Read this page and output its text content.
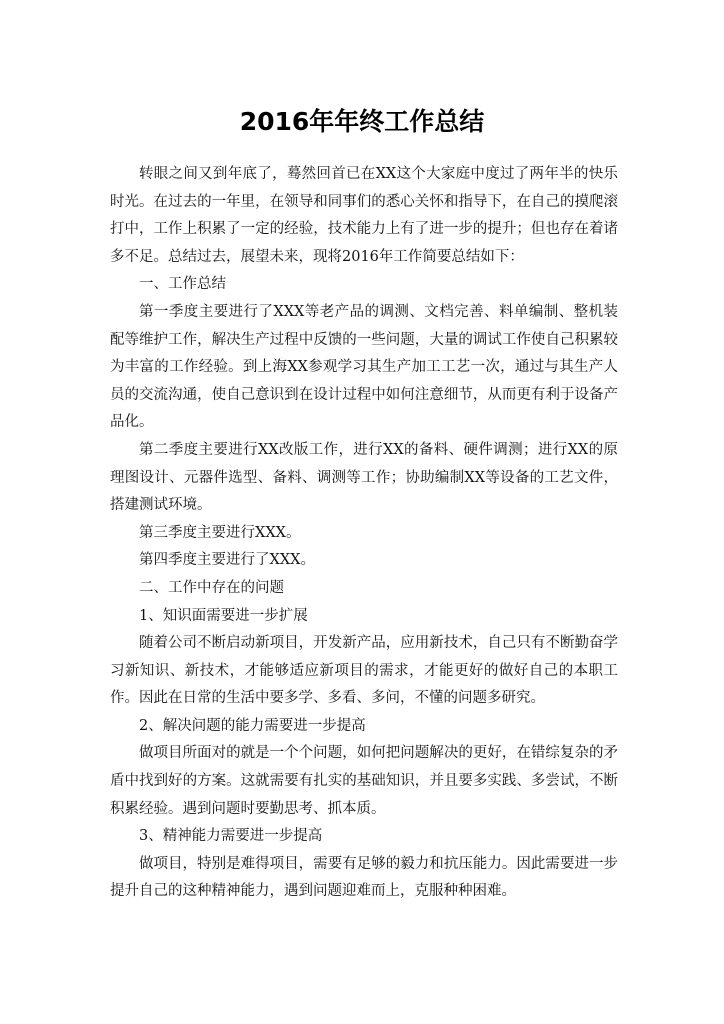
2016年年终工作总结

转眼之间又到年底了，蓦然回首已在XX这个大家庭中度过了两年半的快乐时光。在过去的一年里，在领导和同事们的悉心关怀和指导下，在自己的摸爬滚打中，工作上积累了一定的经验，技术能力上有了进一步的提升；但也存在着诸多不足。总结过去，展望未来，现将2016年工作简要总结如下：

一、工作总结

第一季度主要进行了XXX等老产品的调测、文档完善、料单编制、整机装配等维护工作，解决生产过程中反馈的一些问题，大量的调试工作使自己积累较为丰富的工作经验。到上海XX参观学习其生产加工工艺一次，通过与其生产人员的交流沟通，使自己意识到在设计过程中如何注意细节，从而更有利于设备产品化。

第二季度主要进行XX改版工作，进行XX的备料、硬件调测；进行XX的原理图设计、元器件选型、备料、调测等工作；协助编制XX等设备的工艺文件，搭建测试环境。

第三季度主要进行XXX。

第四季度主要进行了XXX。

二、工作中存在的问题

1、知识面需要进一步扩展

随着公司不断启动新项目，开发新产品，应用新技术，自己只有不断勤奋学习新知识、新技术，才能够适应新项目的需求，才能更好的做好自己的本职工作。因此在日常的生活中要多学、多看、多问，不懂的问题多研究。

2、解决问题的能力需要进一步提高

做项目所面对的就是一个个问题，如何把问题解决的更好，在错综复杂的矛盾中找到好的方案。这就需要有扎实的基础知识，并且要多实践、多尝试，不断积累经验。遇到问题时要勤思考、抓本质。

3、精神能力需要进一步提高

做项目，特别是难得项目，需要有足够的毅力和抗压能力。因此需要进一步提升自己的这种精神能力，遇到问题迎难而上，克服种种困难。
